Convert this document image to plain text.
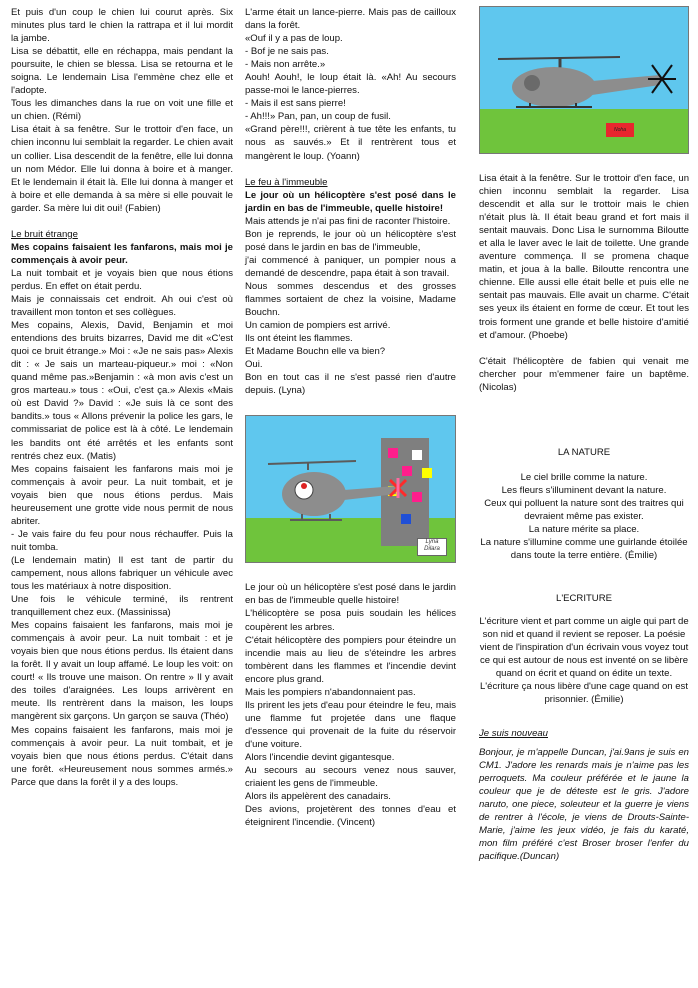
Et puis d'un coup le chien lui courut après. Six minutes plus tard le chien la rattrapa et il lui mordit la jambe.

Lisa se débattit, elle en réchappa, mais pendant la poursuite, le chien se blessa. Lisa se retourna et le soigna. Le lendemain Lisa l'emmène chez elle et l'adopte.

Tous les dimanches dans la rue on voit une fille et un chien. (Rémi)

Lisa était à sa fenêtre. Sur le trottoir d'en face, un chien inconnu lui semblait la regarder. Le chien avait un collier. Lisa descendit de la fenêtre, elle lui donna un nom Médor. Elle lui donna à boire et à manger. Et le lendemain il était là. Elle lui donna à manger et à boire et elle demanda à sa mère si elle pouvait le garder. Sa mère lui dit oui! (Fabien)

Le bruit étrange

Mes copains faisaient les fanfarons, mais moi je commençais à avoir peur.

La nuit tombait et je voyais bien que nous étions perdus. En effet on était perdu.

Mais je connaissais cet endroit. Ah oui c'est où travaillent mon tonton et ses collègues.

Mes copains, Alexis, David, Benjamin et moi entendions des bruits bizarres, David me dit «C'est quoi ce bruit étrange.» Moi : «Je ne sais pas» Alexis dit : « Je sais un marteau-piqueur.» moi : «Non quand même pas.»Benjamin : «à mon avis c'est un gros marteau.» tous : «Oui, c'est ça.» Alexis «Mais où est David ?» David : «Je suis là ce sont des bandits.» tous « Allons prévenir la police les gars, le commissariat de police est là à côté. Le lendemain les bandits ont été arrêtés et les enfants sont rentrés chez eux. (Matis)

Mes copains faisaient les fanfarons mais moi je commençais à avoir peur. La nuit tombait, et je voyais bien que nous étions perdus. Mais heureusement une grotte vide nous permit de nous abriter.

- Je vais faire du feu pour nous réchauffer. Puis la nuit tomba.

(Le lendemain matin) Il est tant de partir du campement, nous allons fabriquer un véhicule avec tous les matériaux à notre disposition.

Une fois le véhicule terminé, ils rentrent tranquillement chez eux. (Massinissa)

Mes copains faisaient les fanfarons, mais moi je commençais à avoir peur. La nuit tombait : et je voyais bien que nous étions perdus. Ils étaient dans la forêt. Il y avait un loup affamé. Le loup les voit: on court! « Ils trouve une maison. On rentre » Il y avait des toiles d'araignées. Les loups arrivèrent en meute. Ils rentrèrent dans la maison, les loups mangèrent six garçons. Un garçon se sauva (Théo)

Mes copains faisaient les fanfarons, mais moi je commençais à avoir peur. La nuit tombait, et je voyais bien que nous étions perdus. C'était dans une forêt. «Heureusement nous sommes armés.» Parce que dans la forêt il y a des loups.

L'arme était un lance-pierre. Mais pas de cailloux dans la forêt.
«Ouf il y a pas de loup.
- Bof je ne sais pas.
- Mais non arrête.»
Aouh! Aouh!, le loup était là. «Ah! Au secours passe-moi le lance-pierres.
- Mais il est sans pierre!
- Ah!!!» Pan, pan, un coup de fusil.
«Grand père!!!, crièrent à tue tête les enfants, tu nous as sauvés.» Et il rentrèrent tous et mangèrent le loup. (Yoann)

Le feu à l'immeuble

Le jour où un hélicoptère s'est posé dans le jardin en bas de l'immeuble, quelle histoire!

Mais attends je n'ai pas fini de raconter l'histoire.

Bon je reprends, le jour où un hélicoptère s'est posé dans le jardin en bas de l'immeuble,

j'ai commencé à paniquer, un pompier nous a demandé de descendre, papa était à son travail.

Nous sommes descendus et des grosses flammes sortaient de chez la voisine, Madame Bouchn.
Un camion de pompiers est arrivé.
Ils ont éteint les flammes.
Et Madame Bouchn elle va bien?
Oui.
Bon en tout cas il ne s'est passé rien d'autre depuis. (Lyna)

Lyna Dilara

Le jour où un hélicoptère s'est posé dans le jardin en bas de l'immeuble quelle histoire!
L'hélicoptère se posa puis soudain les hélices coupèrent les arbres.
C'était hélicoptère des pompiers pour éteindre un incendie mais au lieu de s'éteindre les arbres tombèrent dans les flammes et l'incendie devint encore plus grand.
Mais les pompiers n'abandonnaient pas.
Ils prirent les jets d'eau pour éteindre le feu, mais une flamme fut projetée dans une flaque d'essence qui provenait de la fuite du réservoir d'une voiture.
Alors l'incendie devint gigantesque.
Au secours au secours venez nous sauver, criaient les gens de l'immeuble.
Alors ils appelèrent des canadairs.
Des avions, projetèrent des tonnes d'eau et éteignirent l'incendie. (Vincent)

Noha

Lisa était à la fenêtre. Sur le trottoir d'en face, un chien inconnu semblait la regarder. Lisa descendit et alla sur le trottoir mais le chien n'était plus là. Il était beau grand et fort mais il sentait mauvais. Donc Lisa le surnomma Biloutte et alla le laver avec le lait de toilette. Une grande aventure commença. Il se promena chaque matin, et joua à la balle. Biloutte rencontra une chienne. Elle aussi elle était belle et puis elle ne sentait pas mauvais. Elle avait un charme. C'était ses yeux ils étaient en forme de cœur. Et tout les trois forment une grande et belle histoire d'amitié et d'amour. (Phoebe)

C'était l'hélicoptère de fabien qui venait me chercher pour m'emmener faire un baptême. (Nicolas)

LA NATURE

Le ciel brille comme la nature.
Les fleurs s'illuminent devant la nature.
Ceux qui polluent la nature sont des traitres qui devraient même pas exister.
La nature mérite sa place.
La nature s'illumine comme une guirlande étoilée dans toute la terre entière. (Émilie)

L'ECRITURE

L'écriture vient et part comme un aigle qui part de son nid et quand il revient se reposer. La poésie vient de l'inspiration d'un écrivain vous voyez tout ce qui est autour de nous est inventé on se libère quand on écrit et quand on édite un texte. L'écriture ça nous libère d'une cage quand on est prisonnier. (Émilie)

Je suis nouveau

Bonjour, je m'appelle Duncan, j'ai.9ans je suis en CM1. J'adore les renards mais je n'aime pas les perroquets. Ma couleur préférée et le jaune la couleur que je de déteste est le gris. J'adore naruto, one piece, soleuteur et la guerre je viens de rentrer à l'école, je viens de Drouts-Sainte-Marie, j'aime les jeux vidéo, je fais du karaté, mon film préféré c'est Broser broser l'enfer du pacifique.(Duncan)
